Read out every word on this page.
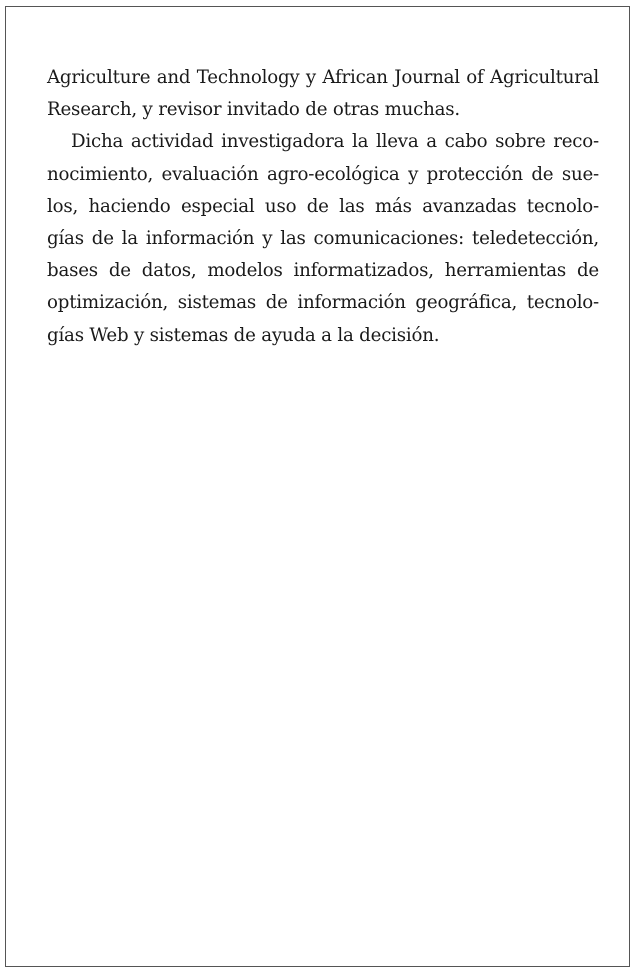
Agriculture and Technology y African Journal of Agricultural
Research, y revisor invitado de otras muchas.
Dicha actividad investigadora la lleva a cabo sobre reco-
nocimiento, evaluación agro-ecológica y protección de sue-
los, haciendo especial uso de las más avanzadas tecnolo-
gías de la información y las comunicaciones: teledetección,
bases de datos, modelos informatizados, herramientas de
optimización, sistemas de información geográfica, tecnolo-
gías Web y sistemas de ayuda a la decisión.
